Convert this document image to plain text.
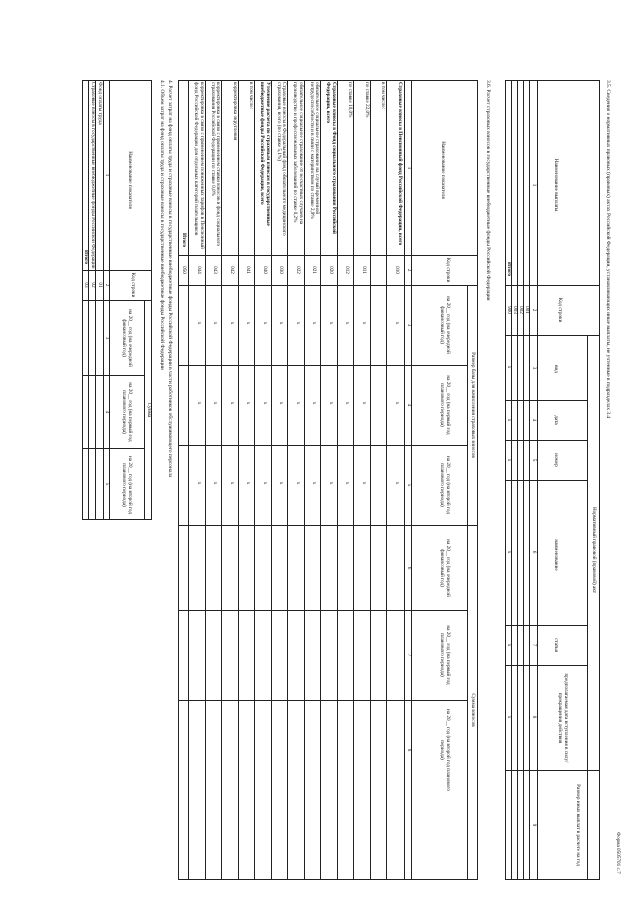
Форма 0505701 с.7
3.5. Сведения о нормативных правовых (правовых) актах Российской Федерации, устанавливающих иные выплаты, не учтенные в подразделах 3.4
Наименование выплаты
Код строки
Нормативный правовой (правовой) акт
вид
дата
номер
наименование
статья
предполагаемая дата вступления в силу/прекращения действия
Размер иных выплат в расчете на год
1
2
3
4
5
6
7
8
9
001
002
003
Итого
900
x
x
x
x
x
x
3.6. Расчет страховых взносов в государственные внебюджетные фонды Российской Федерации
Наименование показателя
Код строки
Размер базы для начисления страховых взносов
Сумма взносов
на 20__ год (на очередной финансовый год)
на 20__ год (на первый год планового периода)
на 20__ год (на второй год планового периода)
на 20__ год (на очередной финансовый год)
на 20__ год (на первый год планового периода)
на 20__ год (на второй год планового периода)
1
2
3
4
5
6
7
8
Страховые взносы в Пенсионный фонд Российской Федерации, всего
010
x
x
x
в том числе:
по ставке 22,0%
011
x
x
x
по ставке 10,0%
012
x
x
x
Страховые взносы в Фонд социального страхования Российской Федерации, всего
020
x
x
x
обязательное социальное страхование на случай временной нетрудоспособности и в связи с материнством по ставке 2,9%
021
x
x
x
обязательное социальное страхование от несчастных случаев на производстве и профессиональных заболеваний по ставке 0,2%
022
x
x
x
Страховые взносы в Федеральный фонд обязательного медицинского страхования, всего (по ставке 5,1%)
030
x
x
x
Уточнение расчета по страховым взносам в государственные внебюджетные фонды Российской Федерации, всего
040
x
x
x
в том числе:
041
x
x
x
корректировка округления
042
x
x
x
корректировка в связи с применением ставки взносов в фонд социального страхования Российской Федерации по ставке 0,0%
043
x
x
x
корректировка в связи с применением пониженных тарифов в Пенсионный фонд Российской Федерации для отдельных категорий плательщиков
044
x
x
x
Итого
050
4. Расчет затрат на фонд оплаты труда и страховые взносы в государственные внебюджетные фонды Российской Федерации в части работников обслуживающего персонала
4.1. Объем затрат на фонд оплаты труда и страховые взносы в государственные внебюджетные фонды Российской Федерации
Наименование показателя
Код строки
Сумма
на 20__ год (на очередной финансовый год)
на 20__ год (на первый год планового периода)
на 20__ год (на второй год планового периода)
1
2
3
4
5
Фонд оплаты труда
01
Страховые взносы в государственные внебюджетные фонды Российской Федерации
02
Итого
03
